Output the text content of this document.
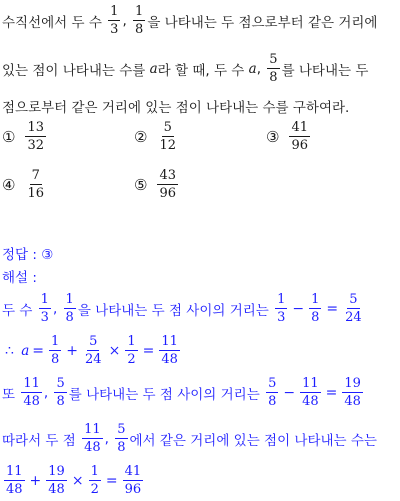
수직선에서 두 수
$\frac{1}{3}$ ,
$\frac{1}{8}$ 을 나타내는 두 점으로부터 같은 거리에
있는 점이 나타내는 수를
a 라 할 때, 두 수
a ,
$\frac{5}{8}$ 를 나타내는 두
점으로부터 같은 거리에 있는 점이 나타내는 수를 구하여라.
① $\frac{13}{32}$	② $\frac{5}{12}$	③ $\frac{41}{96}$
④ $\frac{7}{16}$	⑤ $\frac{43}{96}$
정답 : ③
해설 :
두 수
$\frac{1}{3}$ ,
$\frac{1}{8}$ 을 나타내는 두 점 사이의 거리는
$\frac{1}{3} - \frac{1}{8} = \frac{5}{24}$
∴
$a = \frac{1}{8} + \frac{5}{24} \times \frac{1}{2} = \frac{11}{48}$
또
$\frac{11}{48}$ ,
$\frac{5}{8}$ 를 나타내는 두 점 사이의 거리는
$\frac{5}{8} - \frac{11}{48} = \frac{19}{48}$
따라서 두 점
$\frac{11}{48}$ ,
$\frac{5}{8}$ 에서 같은 거리에 있는 점이 나타내는 수는
$\frac{11}{48} + \frac{19}{48} \times \frac{1}{2} = \frac{41}{96}$
